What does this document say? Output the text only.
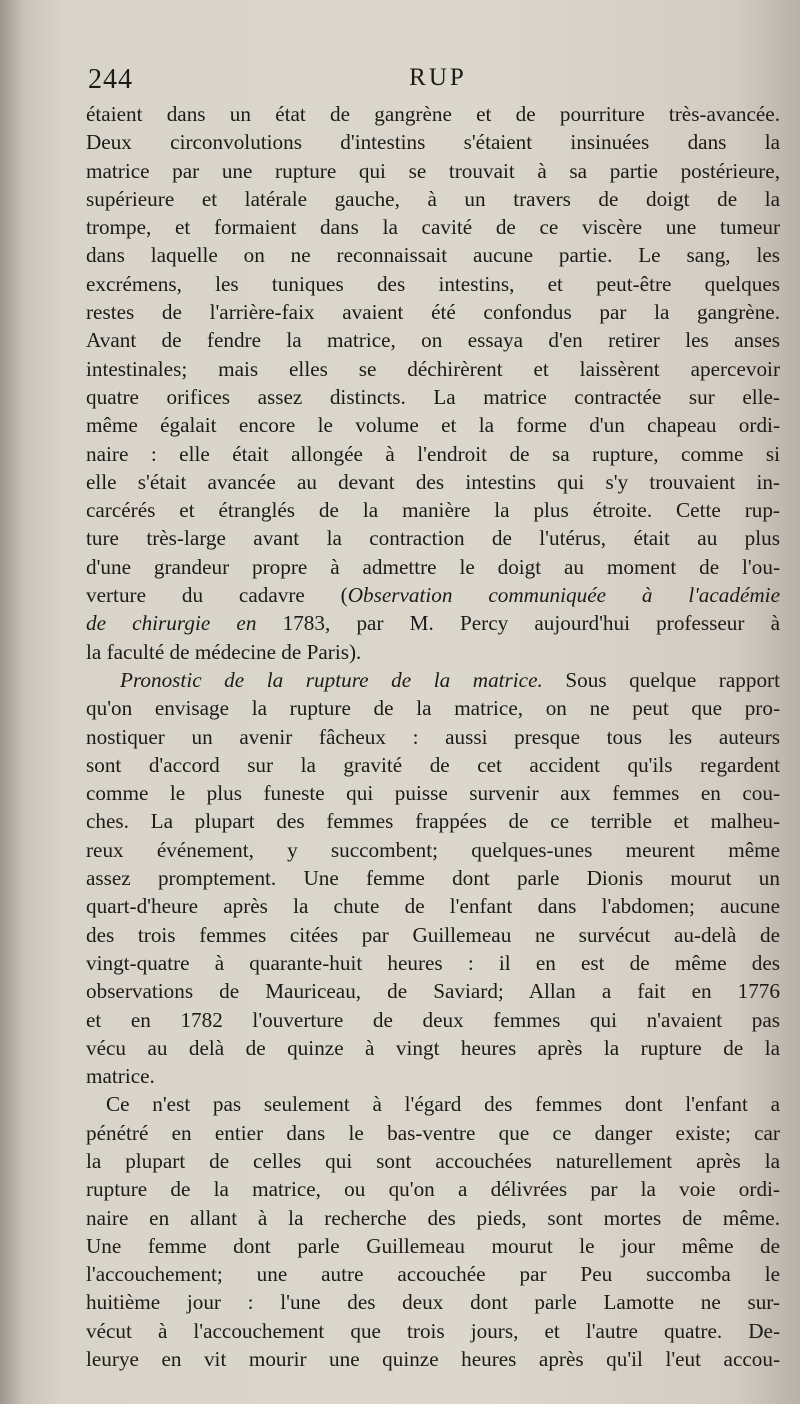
244	RUP
étaient dans un état de gangrène et de pourriture très-avancée.
Deux circonvolutions d'intestins s'étaient insinuées dans la
matrice par une rupture qui se trouvait à sa partie postérieure,
supérieure et latérale gauche, à un travers de doigt de la
trompe, et formaient dans la cavité de ce viscère une tumeur
dans laquelle on ne reconnaissait aucune partie. Le sang, les
excrémens, les tuniques des intestins, et peut-être quelques
restes de l'arrière-faix avaient été confondus par la gangrène.
Avant de fendre la matrice, on essaya d'en retirer les anses
intestinales; mais elles se déchirèrent et laissèrent apercevoir
quatre orifices assez distincts. La matrice contractée sur elle-
même égalait encore le volume et la forme d'un chapeau ordi-
naire : elle était allongée à l'endroit de sa rupture, comme si
elle s'était avancée au devant des intestins qui s'y trouvaient in-
carcérés et étranglés de la manière la plus étroite. Cette rup-
ture très-large avant la contraction de l'utérus, était au plus
d'une grandeur propre à admettre le doigt au moment de l'ou-
verture du cadavre (Observation communiquée à l'académie
de chirurgie en 1783, par M. Percy aujourd'hui professeur à
la faculté de médecine de Paris).
Pronostic de la rupture de la matrice. Sous quelque rapport
qu'on envisage la rupture de la matrice, on ne peut que pro-
nostiquer un avenir fâcheux : aussi presque tous les auteurs
sont d'accord sur la gravité de cet accident qu'ils regardent
comme le plus funeste qui puisse survenir aux femmes en cou-
ches. La plupart des femmes frappées de ce terrible et malheu-
reux événement, y succombent; quelques-unes meurent même
assez promptement. Une femme dont parle Dionis mourut un
quart-d'heure après la chute de l'enfant dans l'abdomen; aucune
des trois femmes citées par Guillemeau ne survécut au-delà de
vingt-quatre à quarante-huit heures : il en est de même des
observations de Mauriceau, de Saviard; Allan a fait en 1776
et en 1782 l'ouverture de deux femmes qui n'avaient pas
vécu au delà de quinze à vingt heures après la rupture de la
matrice.
Ce n'est pas seulement à l'égard des femmes dont l'enfant a
pénétré en entier dans le bas-ventre que ce danger existe; car
la plupart de celles qui sont accouchées naturellement après la
rupture de la matrice, ou qu'on a délivrées par la voie ordi-
naire en allant à la recherche des pieds, sont mortes de même.
Une femme dont parle Guillemeau mourut le jour même de
l'accouchement; une autre accouchée par Peu succomba le
huitième jour : l'une des deux dont parle Lamotte ne sur-
vécut à l'accouchement que trois jours, et l'autre quatre. De-
leurye en vit mourir une quinze heures après qu'il l'eut accou-
